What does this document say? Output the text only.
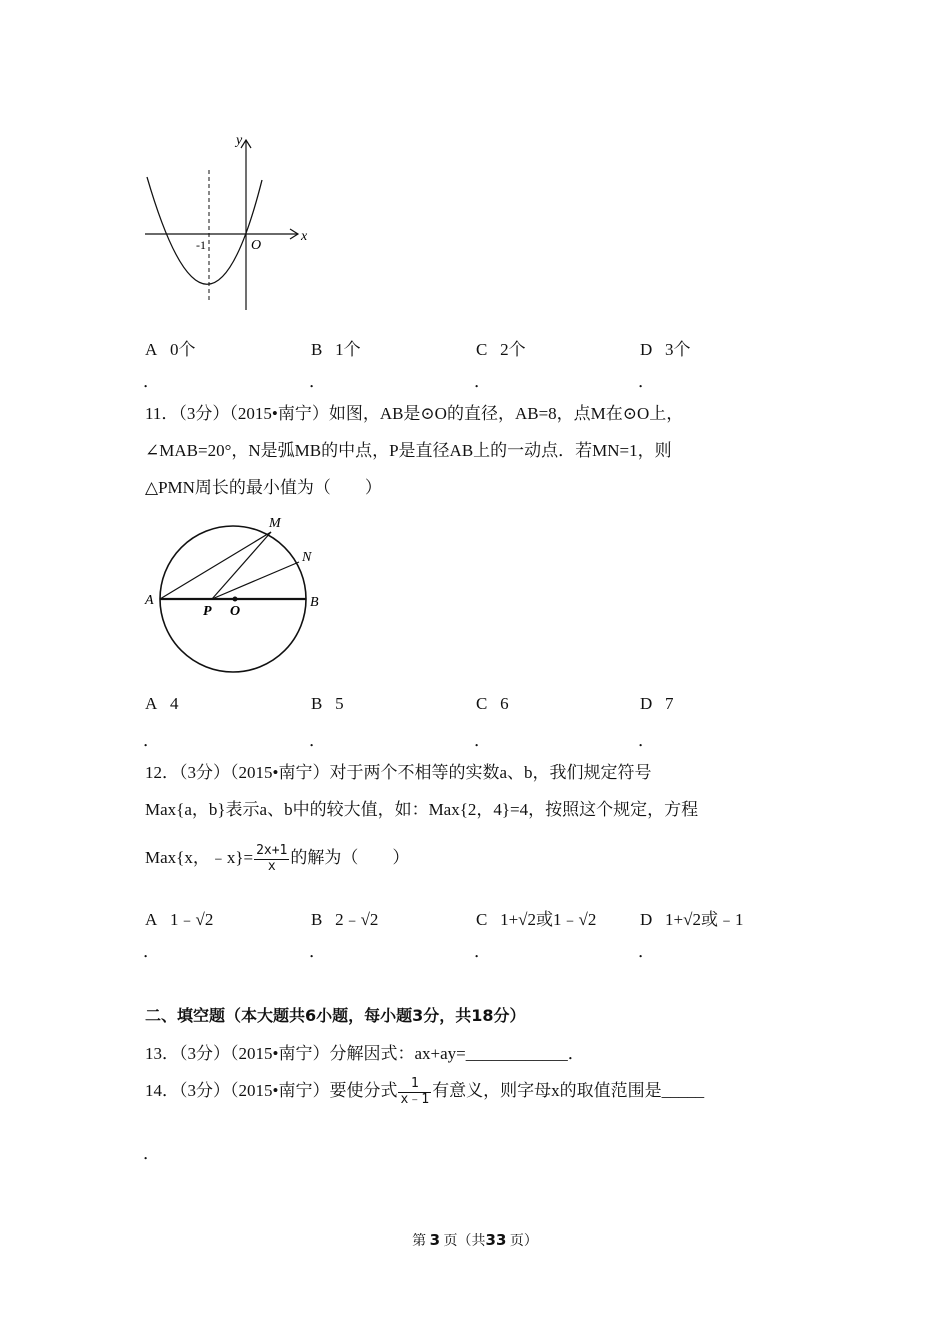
y
x
-1	O
A 0个	B 1个	C 2个	D 3个
．	．	．	．
11．（3分）（2015•南宁）如图，AB是⊙O的直径，AB=8，点M在⊙O上，
∠MAB=20°，N是弧MB的中点，P是直径AB上的一动点．若MN=1，则
△PMN周长的最小值为（　　）
A	B
M
N
P O
A 4	B 5	C 6	D 7
．	．	．	．
12．（3分）（2015•南宁）对于两个不相等的实数a、b，我们规定符号
Max{a，b}表示a、b中的较大值，如：Max{2，4}=4，按照这个规定，方程
Max{x，﹣x}= $\frac{2x+1}{x}$ 的解为（　　）
A 1﹣√2	B 2﹣√2	C 1+√2或1﹣√2	D 1+√2或﹣1
．	．	．	．
二、填空题（本大题共6小题，每小题3分，共18分）
13．（3分）（2015•南宁）分解因式：ax+ay=____________．
14．（3分）（2015•南宁）要使分式 $\frac{1}{x﹣1}$ 有意义，则字母x的取值范围是_____
．
第 3 页（共33 页）
